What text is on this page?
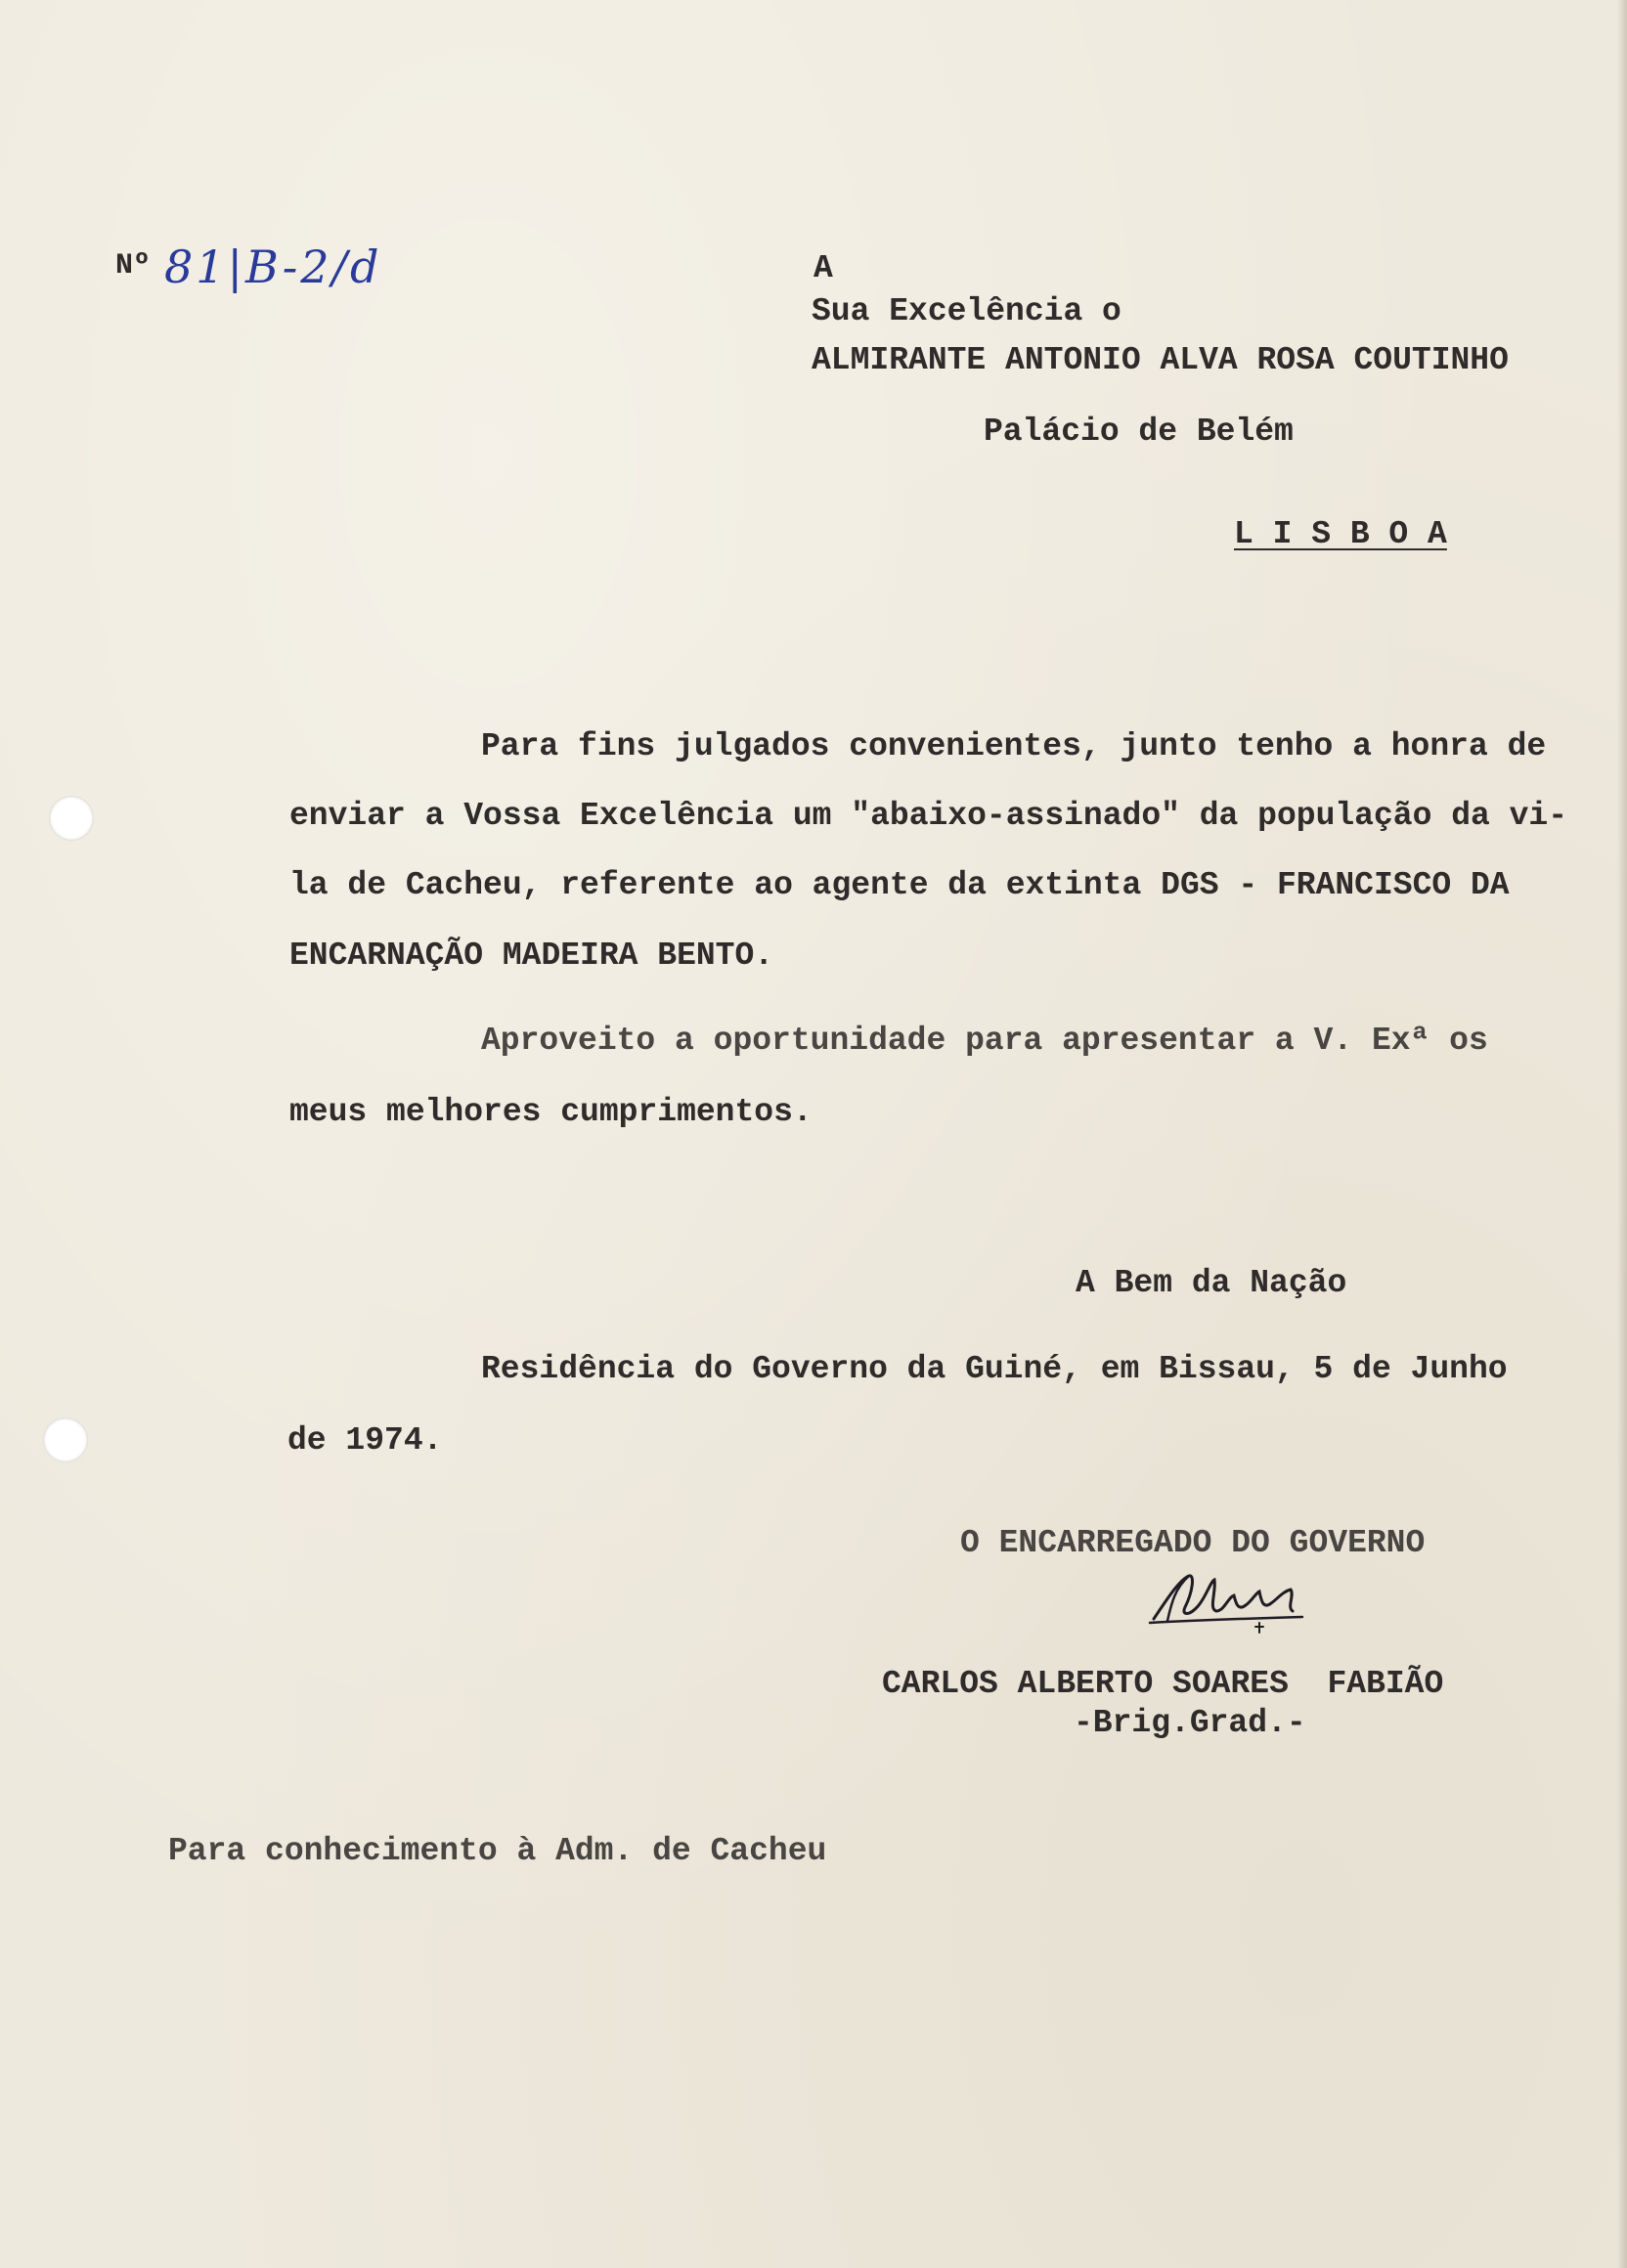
Nº 81|B-2/d	A
Sua Excelência o
ALMIRANTE ANTONIO ALVA ROSA COUTINHO
Palácio de Belém
L I S B O A
Para fins julgados convenientes, junto tenho a honra de
enviar a Vossa Excelência um "abaixo-assinado" da população da vi-
la de Cacheu, referente ao agente da extinta DGS - FRANCISCO DA
ENCARNAÇÃO MADEIRA BENTO.
Aproveito a oportunidade para apresentar a V. Exª os
meus melhores cumprimentos.
A Bem da Nação
Residência do Governo da Guiné, em Bissau, 5 de Junho
de 1974.
O ENCARREGADO DO GOVERNO
CARLOS ALBERTO SOARES  FABIÃO
-Brig.Grad.-
Para conhecimento à Adm. de Cacheu
